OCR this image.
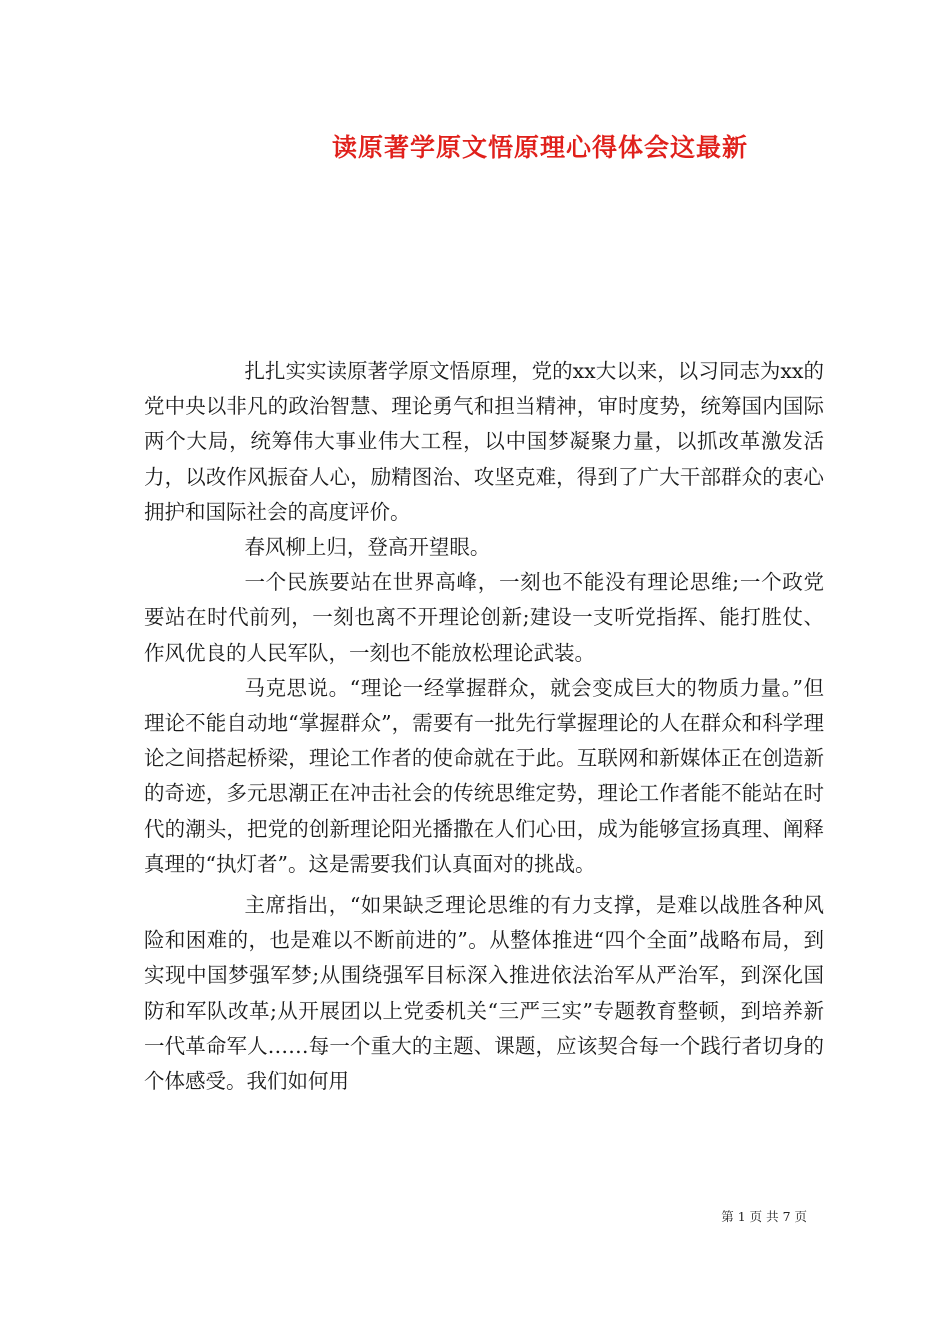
读原著学原文悟原理心得体会这最新

扎扎实实读原著学原文悟原理，党的xx大以来，以习同志为xx的党中央以非凡的政治智慧、理论勇气和担当精神，审时度势，统筹国内国际两个大局，统筹伟大事业伟大工程，以中国梦凝聚力量，以抓改革激发活力，以改作风振奋人心，励精图治、攻坚克难，得到了广大干部群众的衷心拥护和国际社会的高度评价。

春风柳上归，登高开望眼。

一个民族要站在世界高峰，一刻也不能没有理论思维;一个政党要站在时代前列，一刻也离不开理论创新;建设一支听党指挥、能打胜仗、作风优良的人民军队，一刻也不能放松理论武装。

马克思说。“理论一经掌握群众，就会变成巨大的物质力量。”但理论不能自动地“掌握群众”，需要有一批先行掌握理论的人在群众和科学理论之间搭起桥梁，理论工作者的使命就在于此。互联网和新媒体正在创造新的奇迹，多元思潮正在冲击社会的传统思维定势，理论工作者能不能站在时代的潮头，把党的创新理论阳光播撒在人们心田，成为能够宣扬真理、阐释真理的“执灯者”。这是需要我们认真面对的挑战。

主席指出，“如果缺乏理论思维的有力支撑，是难以战胜各种风险和困难的，也是难以不断前进的”。从整体推进“四个全面”战略布局，到实现中国梦强军梦;从围绕强军目标深入推进依法治军从严治军，到深化国防和军队改革;从开展团以上党委机关“三严三实”专题教育整顿，到培养新一代革命军人……每一个重大的主题、课题，应该契合每一个践行者切身的个体感受。我们如何用

第 1 页 共 7 页
